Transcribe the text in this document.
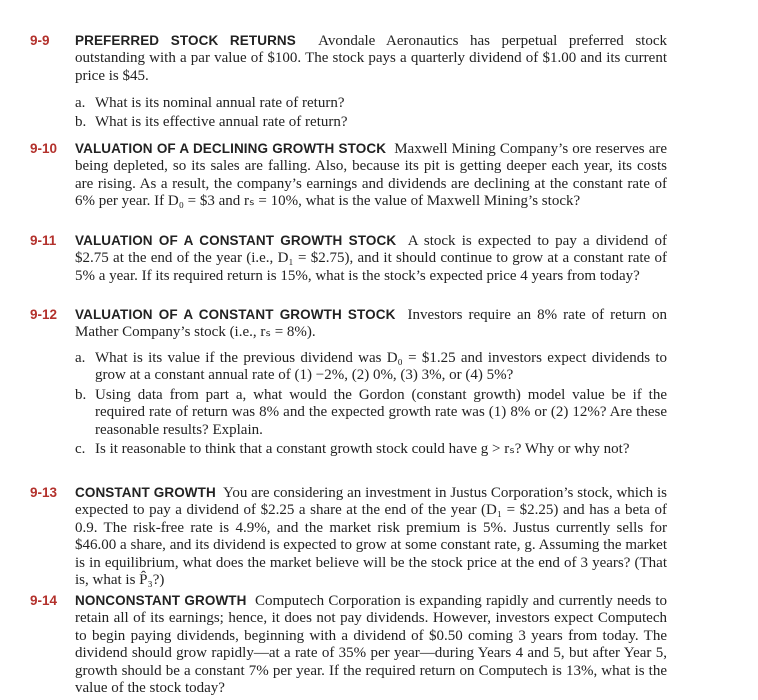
9-9 PREFERRED STOCK RETURNS Avondale Aeronautics has perpetual preferred stock outstanding with a par value of $100. The stock pays a quarterly dividend of $1.00 and its current price is $45.
a. What is its nominal annual rate of return?
b. What is its effective annual rate of return?
9-10 VALUATION OF A DECLINING GROWTH STOCK Maxwell Mining Company’s ore reserves are being depleted, so its sales are falling. Also, because its pit is getting deeper each year, its costs are rising. As a result, the company’s earnings and dividends are declining at the constant rate of 6% per year. If D₀ = $3 and rₛ = 10%, what is the value of Maxwell Mining’s stock?
9-11 VALUATION OF A CONSTANT GROWTH STOCK A stock is expected to pay a dividend of $2.75 at the end of the year (i.e., D₁ = $2.75), and it should continue to grow at a constant rate of 5% a year. If its required return is 15%, what is the stock’s expected price 4 years from today?
9-12 VALUATION OF A CONSTANT GROWTH STOCK Investors require an 8% rate of return on Mather Company’s stock (i.e., rₛ = 8%).
a. What is its value if the previous dividend was D₀ = $1.25 and investors expect dividends to grow at a constant annual rate of (1) −2%, (2) 0%, (3) 3%, or (4) 5%?
b. Using data from part a, what would the Gordon (constant growth) model value be if the required rate of return was 8% and the expected growth rate was (1) 8% or (2) 12%? Are these reasonable results? Explain.
c. Is it reasonable to think that a constant growth stock could have g > rₛ? Why or why not?
9-13 CONSTANT GROWTH You are considering an investment in Justus Corporation’s stock, which is expected to pay a dividend of $2.25 a share at the end of the year (D₁ = $2.25) and has a beta of 0.9. The risk-free rate is 4.9%, and the market risk premium is 5%. Justus currently sells for $46.00 a share, and its dividend is expected to grow at some constant rate, g. Assuming the market is in equilibrium, what does the market believe will be the stock price at the end of 3 years? (That is, what is P̂₃?)
9-14 NONCONSTANT GROWTH Computech Corporation is expanding rapidly and currently needs to retain all of its earnings; hence, it does not pay dividends. However, investors expect Computech to begin paying dividends, beginning with a dividend of $0.50 coming 3 years from today. The dividend should grow rapidly—at a rate of 35% per year—during Years 4 and 5, but after Year 5, growth should be a constant 7% per year. If the required return on Computech is 13%, what is the value of the stock today?
